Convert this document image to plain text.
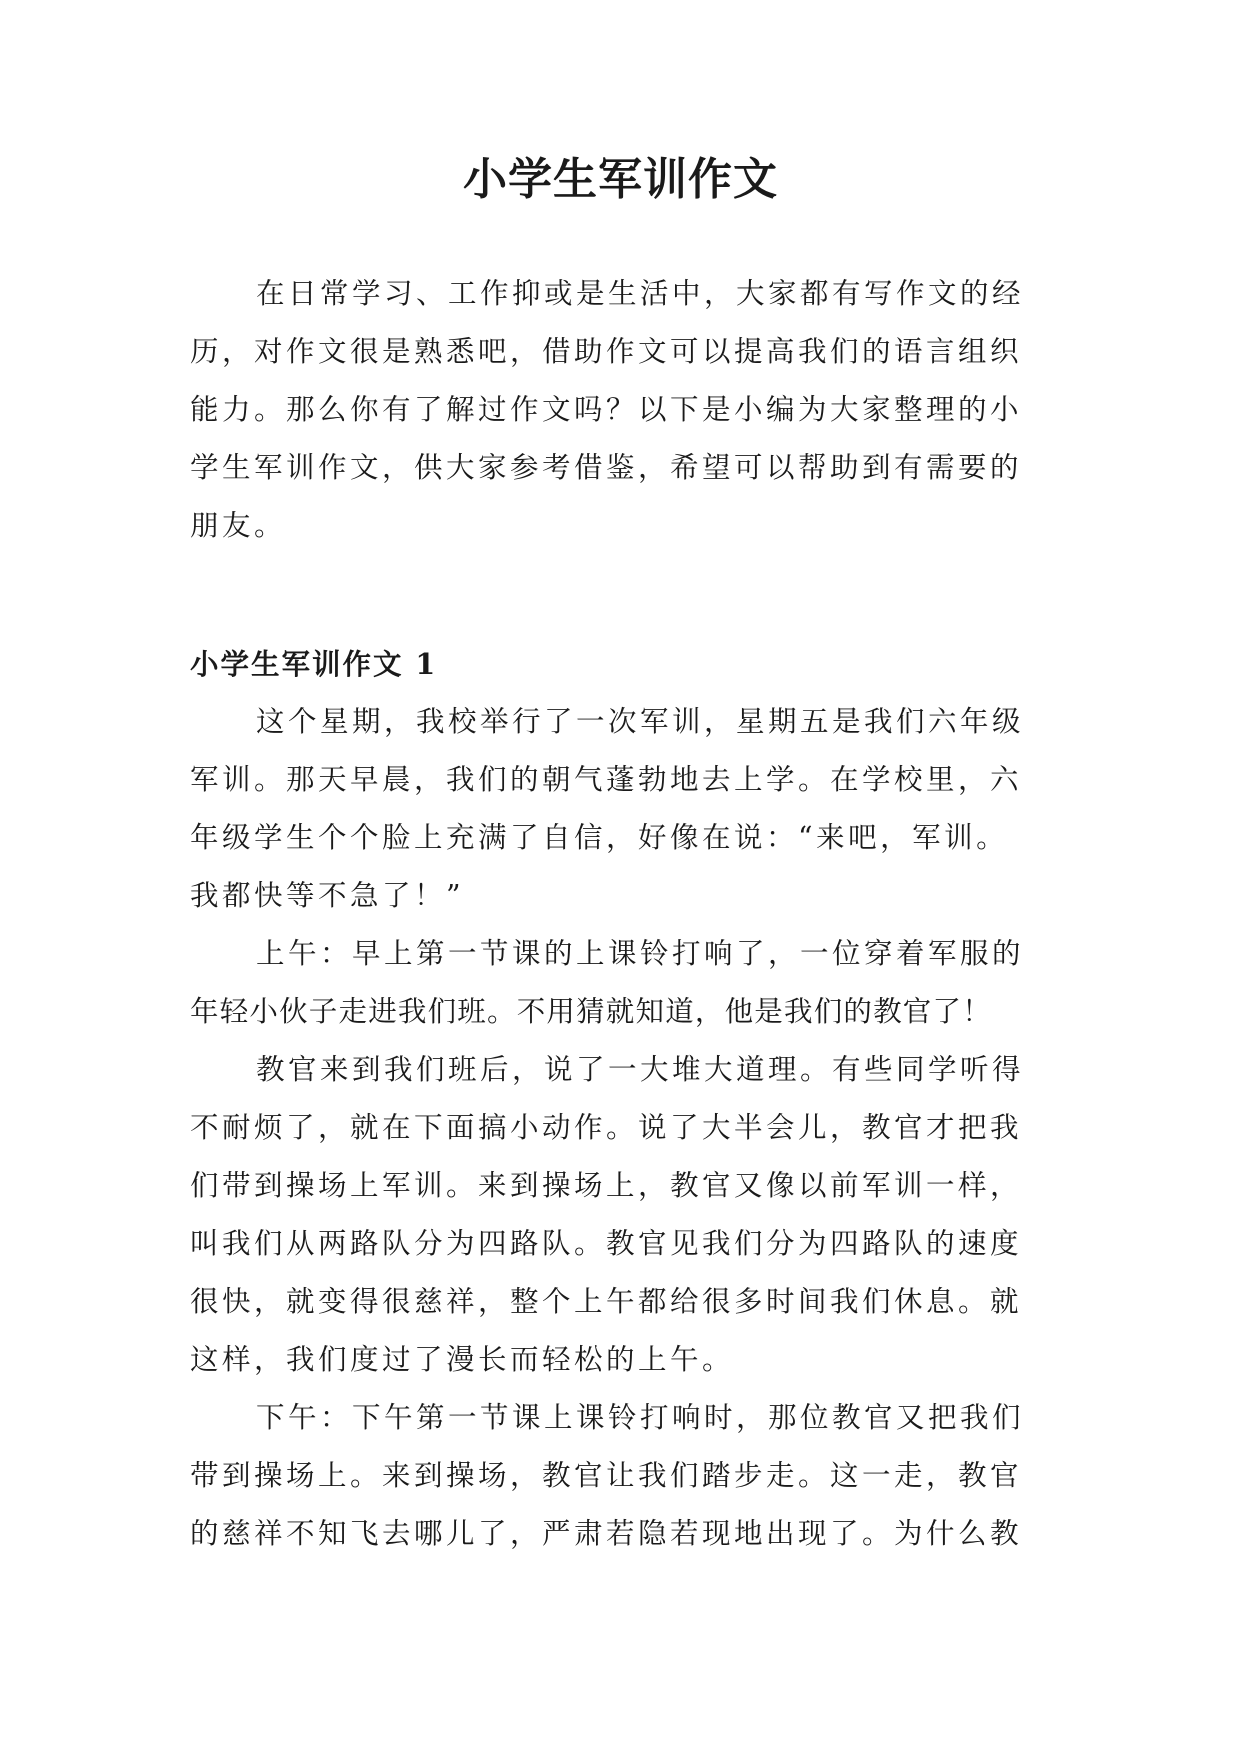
小学生军训作文
在日常学习、工作抑或是生活中，大家都有写作文的经
历，对作文很是熟悉吧，借助作文可以提高我们的语言组织
能力。那么你有了解过作文吗？以下是小编为大家整理的小
学生军训作文，供大家参考借鉴，希望可以帮助到有需要的
朋友。
小学生军训作文 1
这个星期，我校举行了一次军训，星期五是我们六年级
军训。那天早晨，我们的朝气蓬勃地去上学。在学校里，六
年级学生个个脸上充满了自信，好像在说：“来吧，军训。
我都快等不急了！”
上午：早上第一节课的上课铃打响了，一位穿着军服的
年轻小伙子走进我们班。不用猜就知道，他是我们的教官了！
教官来到我们班后，说了一大堆大道理。有些同学听得
不耐烦了，就在下面搞小动作。说了大半会儿，教官才把我
们带到操场上军训。来到操场上，教官又像以前军训一样，
叫我们从两路队分为四路队。教官见我们分为四路队的速度
很快，就变得很慈祥，整个上午都给很多时间我们休息。就
这样，我们度过了漫长而轻松的上午。
下午：下午第一节课上课铃打响时，那位教官又把我们
带到操场上。来到操场，教官让我们踏步走。这一走，教官
的慈祥不知飞去哪儿了，严肃若隐若现地出现了。为什么教
